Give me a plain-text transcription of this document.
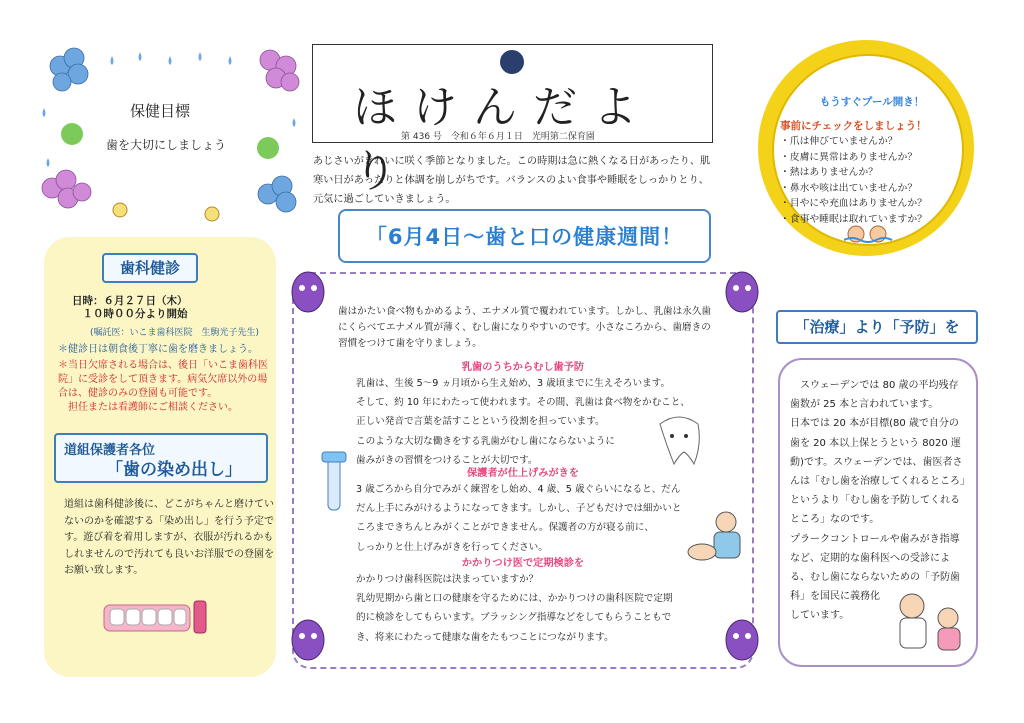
保健目標
歯を大切にしましょう
ほけんだより
第 436 号　令和６年６月１日　光明第二保育園
あじさいがきれいに咲く季節となりました。この時期は急に熱くなる日があったり、肌寒い日があったりと体調を崩しがちです。バランスのよい食事や睡眠をしっかりとり、元気に過ごしていきましょう。
「6月4日～歯と口の健康週間！
歯科健診
日時：６月２７日（木）
　１０時００分より開始
(嘱託医：いこま歯科医院　生駒光子先生)
＊健診日は朝食後丁寧に歯を磨きましょう。
＊当日欠席される場合は、後日「いこま歯科医院」に受診をして頂きます。病気欠席以外の場合は、健診のみの登園も可能です。
　担任または看護師にご相談ください。
道組保護者各位
「歯の染め出し」
道組は歯科健診後に、どこがちゃんと磨けていないのかを確認する「染め出し」を行う予定です。遊び着を着用しますが、衣服が汚れるかもしれませんので汚れても良いお洋服での登園をお願い致します。
もうすぐプール開き！
事前にチェックをしましょう！
・爪は伸びていませんか？
・皮膚に異常はありませんか？
・熱はありませんか？
・鼻水や咳は出ていませんか？
・目やにや充血はありませんか？
・食事や睡眠は取れていますか？
「治療」より「予防」を
　スウェーデンでは 80 歳の平均残存歯数が 25 本と言われています。
日本では 20 本が目標(80 歳で自分の歯を 20 本以上保とうという 8020 運動)です。スウェーデンでは、歯医者さんは「むし歯を治療してくれるところ」というより「むし歯を予防してくれるところ」なのです。
プラークコントロールや歯みがき指導など、定期的な歯科医への受診による、むし歯にならないための「予防歯科」を国民に義務化
しています。
歯はかたい食べ物もかめるよう、エナメル質で覆われています。しかし、乳歯は永久歯にくらべてエナメル質が薄く、むし歯になりやすいのです。小さなころから、歯磨きの習慣をつけて歯を守りましょう。
乳歯のうちからむし歯予防
乳歯は、生後 5～9 ヵ月頃から生え始め、3 歳頃までに生えそろいます。
そして、約 10 年にわたって使われます。その間、乳歯は食べ物をかむこと、
正しい発音で言葉を話すことという役割を担っています。
このような大切な働きをする乳歯がむし歯にならないように
歯みがきの習慣をつけることが大切です。
保護者が仕上げみがきを
3 歳ごろから自分でみがく練習をし始め、4 歳、5 歳ぐらいになると、だん
だん上手にみがけるようになってきます。しかし、子どもだけでは細かいと
ころまできちんとみがくことができません。保護者の方が寝る前に、
しっかりと仕上げみがきを行ってください。
かかりつけ医で定期検診を
かかりつけ歯科医院は決まっていますか？
乳幼児期から歯と口の健康を守るためには、かかりつけの歯科医院で定期
的に検診をしてもらいます。ブラッシング指導などをしてもらうこともで
き、将来にわたって健康な歯をたもつことにつながります。
